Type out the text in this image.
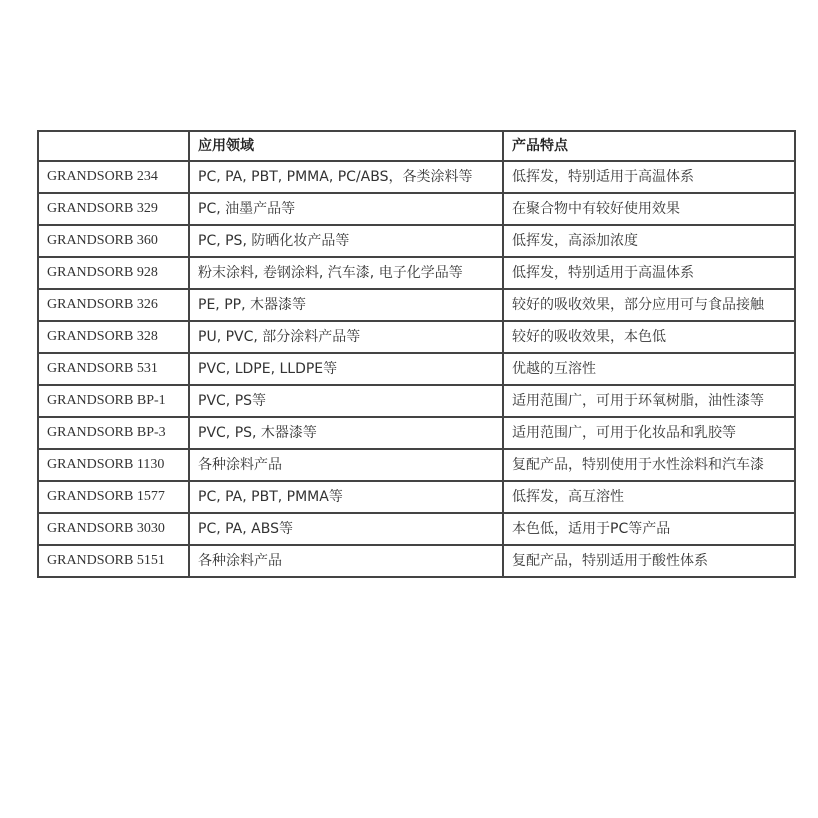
	应用领域	产品特点
GRANDSORB 234	PC, PA, PBT, PMMA, PC/ABS，各类涂料等	低挥发，特别适用于高温体系
GRANDSORB 329	PC, 油墨产品等	在聚合物中有较好使用效果
GRANDSORB 360	PC, PS, 防晒化妆产品等	低挥发，高添加浓度
GRANDSORB 928	粉末涂料, 卷钢涂料, 汽车漆, 电子化学品等	低挥发，特别适用于高温体系
GRANDSORB 326	PE, PP, 木器漆等	较好的吸收效果，部分应用可与食品接触
GRANDSORB 328	PU, PVC, 部分涂料产品等	较好的吸收效果，本色低
GRANDSORB 531	PVC, LDPE, LLDPE等	优越的互溶性
GRANDSORB BP-1	PVC, PS等	适用范围广，可用于环氧树脂，油性漆等
GRANDSORB BP-3	PVC, PS, 木器漆等	适用范围广，可用于化妆品和乳胶等
GRANDSORB 1130	各种涂料产品	复配产品，特别使用于水性涂料和汽车漆
GRANDSORB 1577	PC, PA, PBT, PMMA等	低挥发，高互溶性
GRANDSORB 3030	PC, PA, ABS等	本色低，适用于PC等产品
GRANDSORB 5151	各种涂料产品	复配产品，特别适用于酸性体系
